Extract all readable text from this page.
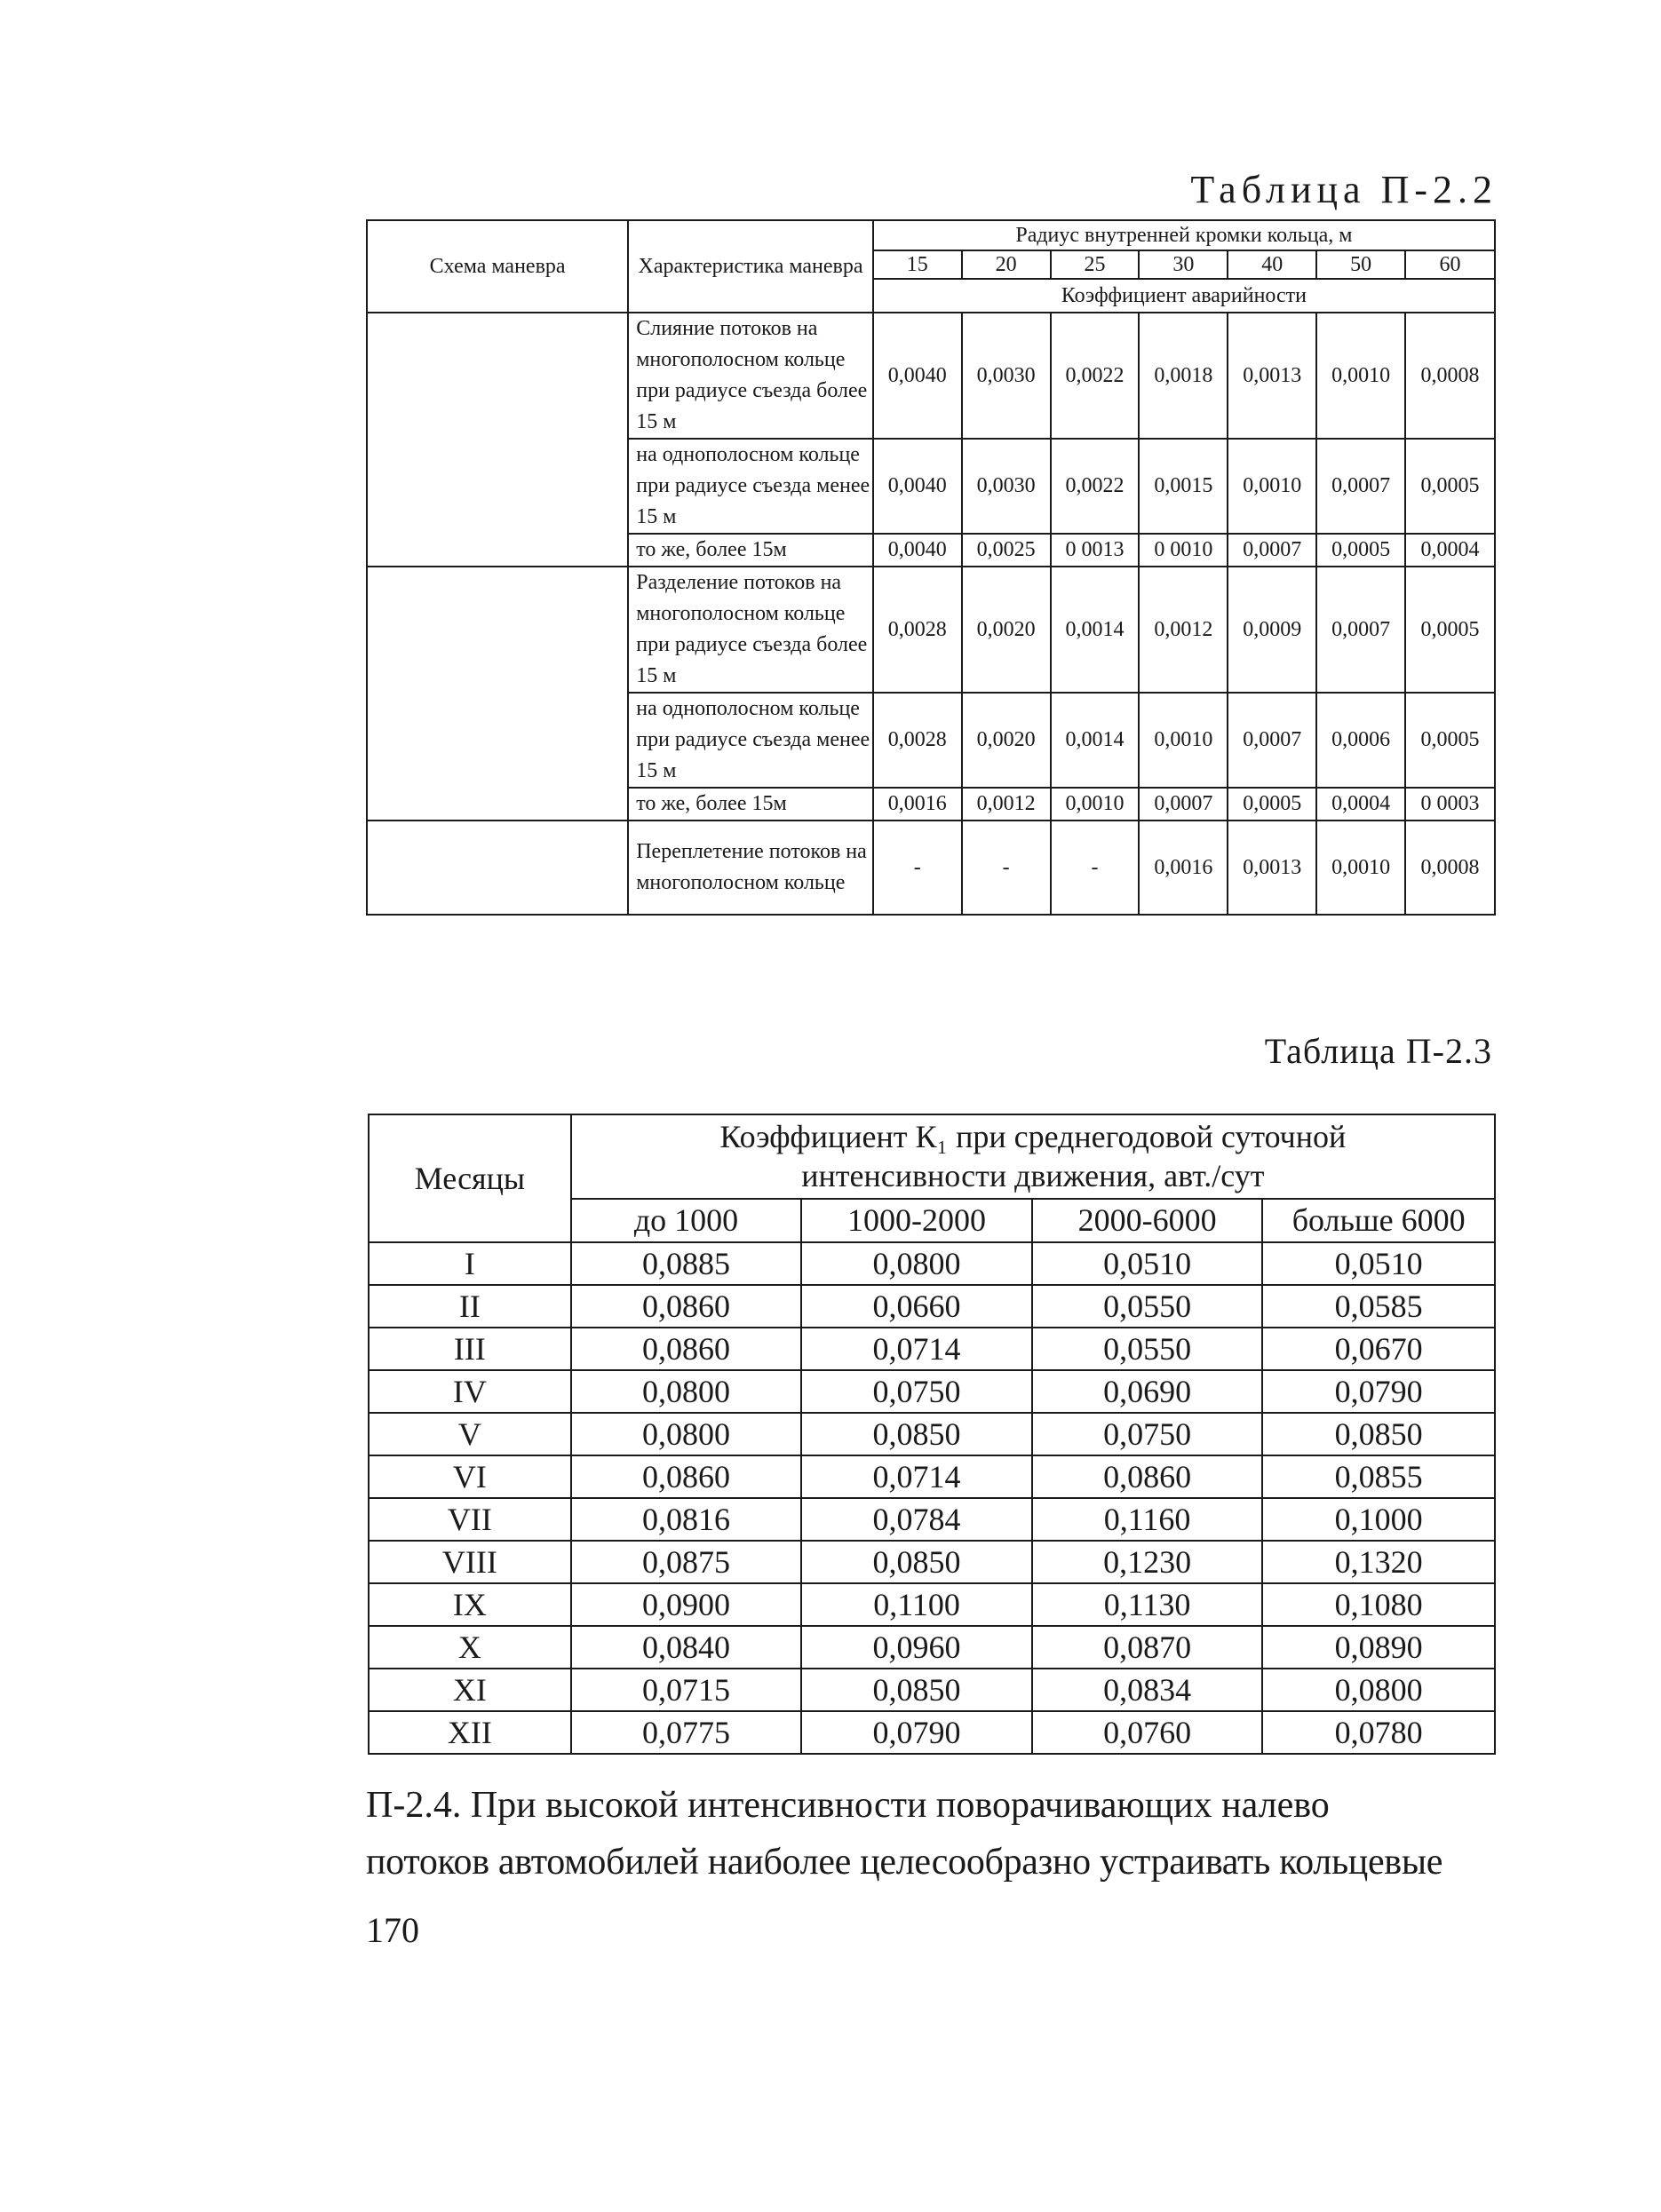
Таблица П-2.2
Схема маневра	Характеристика маневра	Радиус внутренней кромки кольца, м						
		15	20	25	30	40	50	60
		Коэффициент аварийности						
	Слияние потоков на многополосном кольце при радиусе съезда более 15 м	0,0040	0,0030	0,0022	0,0018	0,0013	0,0010	0,0008
	на однополосном кольце при радиусе съезда менее 15 м	0,0040	0,0030	0,0022	0,0015	0,0010	0,0007	0,0005
	то же, более 15м	0,0040	0,0025	0 0013	0 0010	0,0007	0,0005	0,0004
	Разделение потоков на многополосном кольце при радиусе съезда более 15 м	0,0028	0,0020	0,0014	0,0012	0,0009	0,0007	0,0005
	на однополосном кольце при радиусе съезда менее 15 м	0,0028	0,0020	0,0014	0,0010	0,0007	0,0006	0,0005
	то же, более 15м	0,0016	0,0012	0,0010	0,0007	0,0005	0,0004	0 0003
	Переплетение потоков на многополосном кольце	-	-	-	0,0016	0,0013	0,0010	0,0008
Таблица П-2.3
Месяцы	Коэффициент К₁ при среднегодовой суточной
интенсивности движения, авт./сут			

	до 1000	1000-2000	2000-6000	больше 6000
I	0,0885	0,0800	0,0510	0,0510
II	0,0860	0,0660	0,0550	0,0585
III	0,0860	0,0714	0,0550	0,0670
IV	0,0800	0,0750	0,0690	0,0790
V	0,0800	0,0850	0,0750	0,0850
VI	0,0860	0,0714	0,0860	0,0855
VII	0,0816	0,0784	0,1160	0,1000
VIII	0,0875	0,0850	0,1230	0,1320
IX	0,0900	0,1100	0,1130	0,1080
X	0,0840	0,0960	0,0870	0,0890
XI	0,0715	0,0850	0,0834	0,0800
XII	0,0775	0,0790	0,0760	0,0780
П-2.4. При высокой интенсивности поворачивающих налево
потоков автомобилей наиболее целесообразно устраивать кольцевые
170
